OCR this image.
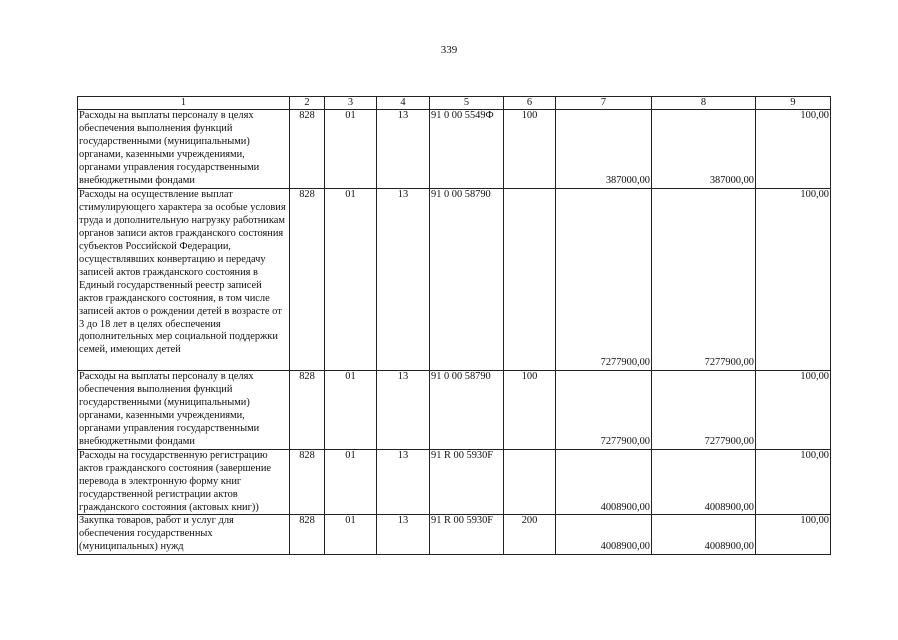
339
1	2	3	4	5	6	7	8	9
Расходы на выплаты персоналу в целях обеспечения выполнения функций государственными (муниципальными) органами, казенными учреждениями, органами управления государственными внебюджетными фондами	828	01	13	91 0 00 5549Ф	100	387000,00	387000,00	100,00
Расходы на осуществление выплат стимулирующего характера за особые условия труда и дополнительную нагрузку работникам органов записи актов гражданского состояния субъектов Российской Федерации, осуществлявших конвертацию и передачу записей актов гражданского состояния в Единый государственный реестр записей актов гражданского состояния, в том числе записей актов о рождении детей в возрасте от 3 до 18 лет в целях обеспечения дополнительных мер социальной поддержки семей, имеющих детей	828	01	13	91 0 00 58790		7277900,00	7277900,00	100,00
Расходы на выплаты персоналу в целях обеспечения выполнения функций государственными (муниципальными) органами, казенными учреждениями, органами управления государственными внебюджетными фондами	828	01	13	91 0 00 58790	100	7277900,00	7277900,00	100,00
Расходы на государственную регистрацию актов гражданского состояния (завершение перевода в электронную форму книг государственной регистрации актов гражданского состояния (актовых книг))	828	01	13	91 R 00 5930F		4008900,00	4008900,00	100,00
Закупка товаров, работ и услуг для обеспечения государственных (муниципальных) нужд	828	01	13	91 R 00 5930F	200	4008900,00	4008900,00	100,00
